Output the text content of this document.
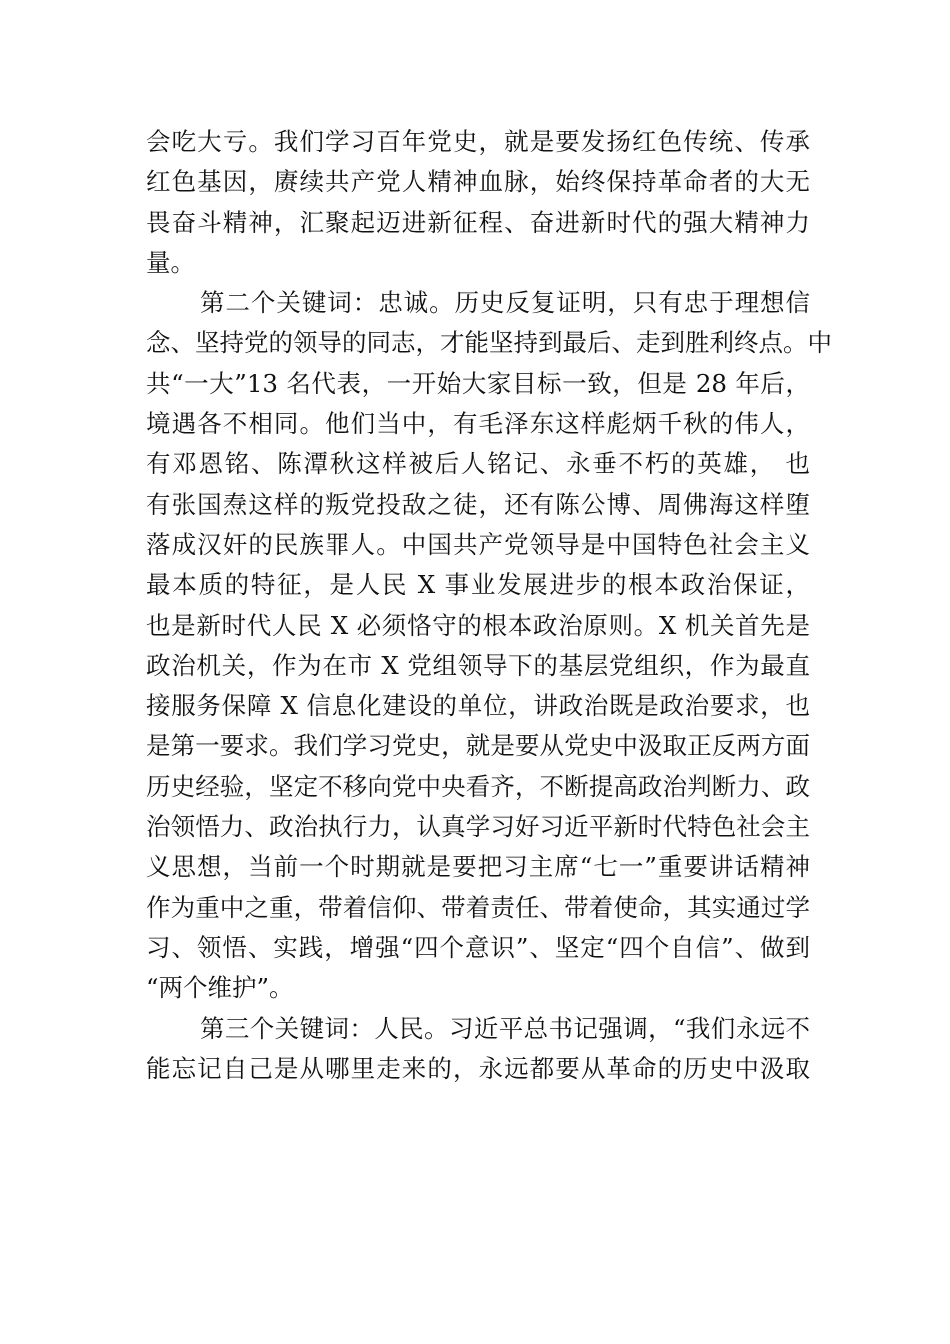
会吃大亏。我们学习百年党史，就是要发扬红色传统、传承
红色基因，赓续共产党人精神血脉，始终保持革命者的大无
畏奋斗精神，汇聚起迈进新征程、奋进新时代的强大精神力
量。
第二个关键词：忠诚。历史反复证明，只有忠于理想信
念、坚持党的领导的同志，才能坚持到最后、走到胜利终点。中
共“一大”13 名代表，一开始大家目标一致，但是 28 年后，
境遇各不相同。他们当中，有毛泽东这样彪炳千秋的伟人，
有邓恩铭、陈潭秋这样被后人铭记、永垂不朽的英雄， 也
有张国焘这样的叛党投敌之徒，还有陈公博、周佛海这样堕
落成汉奸的民族罪人。中国共产党领导是中国特色社会主义
最本质的特征，是人民 X 事业发展进步的根本政治保证，
也是新时代人民 X 必须恪守的根本政治原则。X 机关首先是
政治机关，作为在市 X 党组领导下的基层党组织，作为最直
接服务保障 X 信息化建设的单位，讲政治既是政治要求，也
是第一要求。我们学习党史，就是要从党史中汲取正反两方面
历史经验，坚定不移向党中央看齐，不断提高政治判断力、政
治领悟力、政治执行力，认真学习好习近平新时代特色社会主
义思想，当前一个时期就是要把习主席“七一”重要讲话精神
作为重中之重，带着信仰、带着责任、带着使命，其实通过学
习、领悟、实践，增强“四个意识”、坚定“四个自信”、做到
“两个维护”。
第三个关键词：人民。习近平总书记强调，“我们永远不
能忘记自己是从哪里走来的，永远都要从革命的历史中汲取
